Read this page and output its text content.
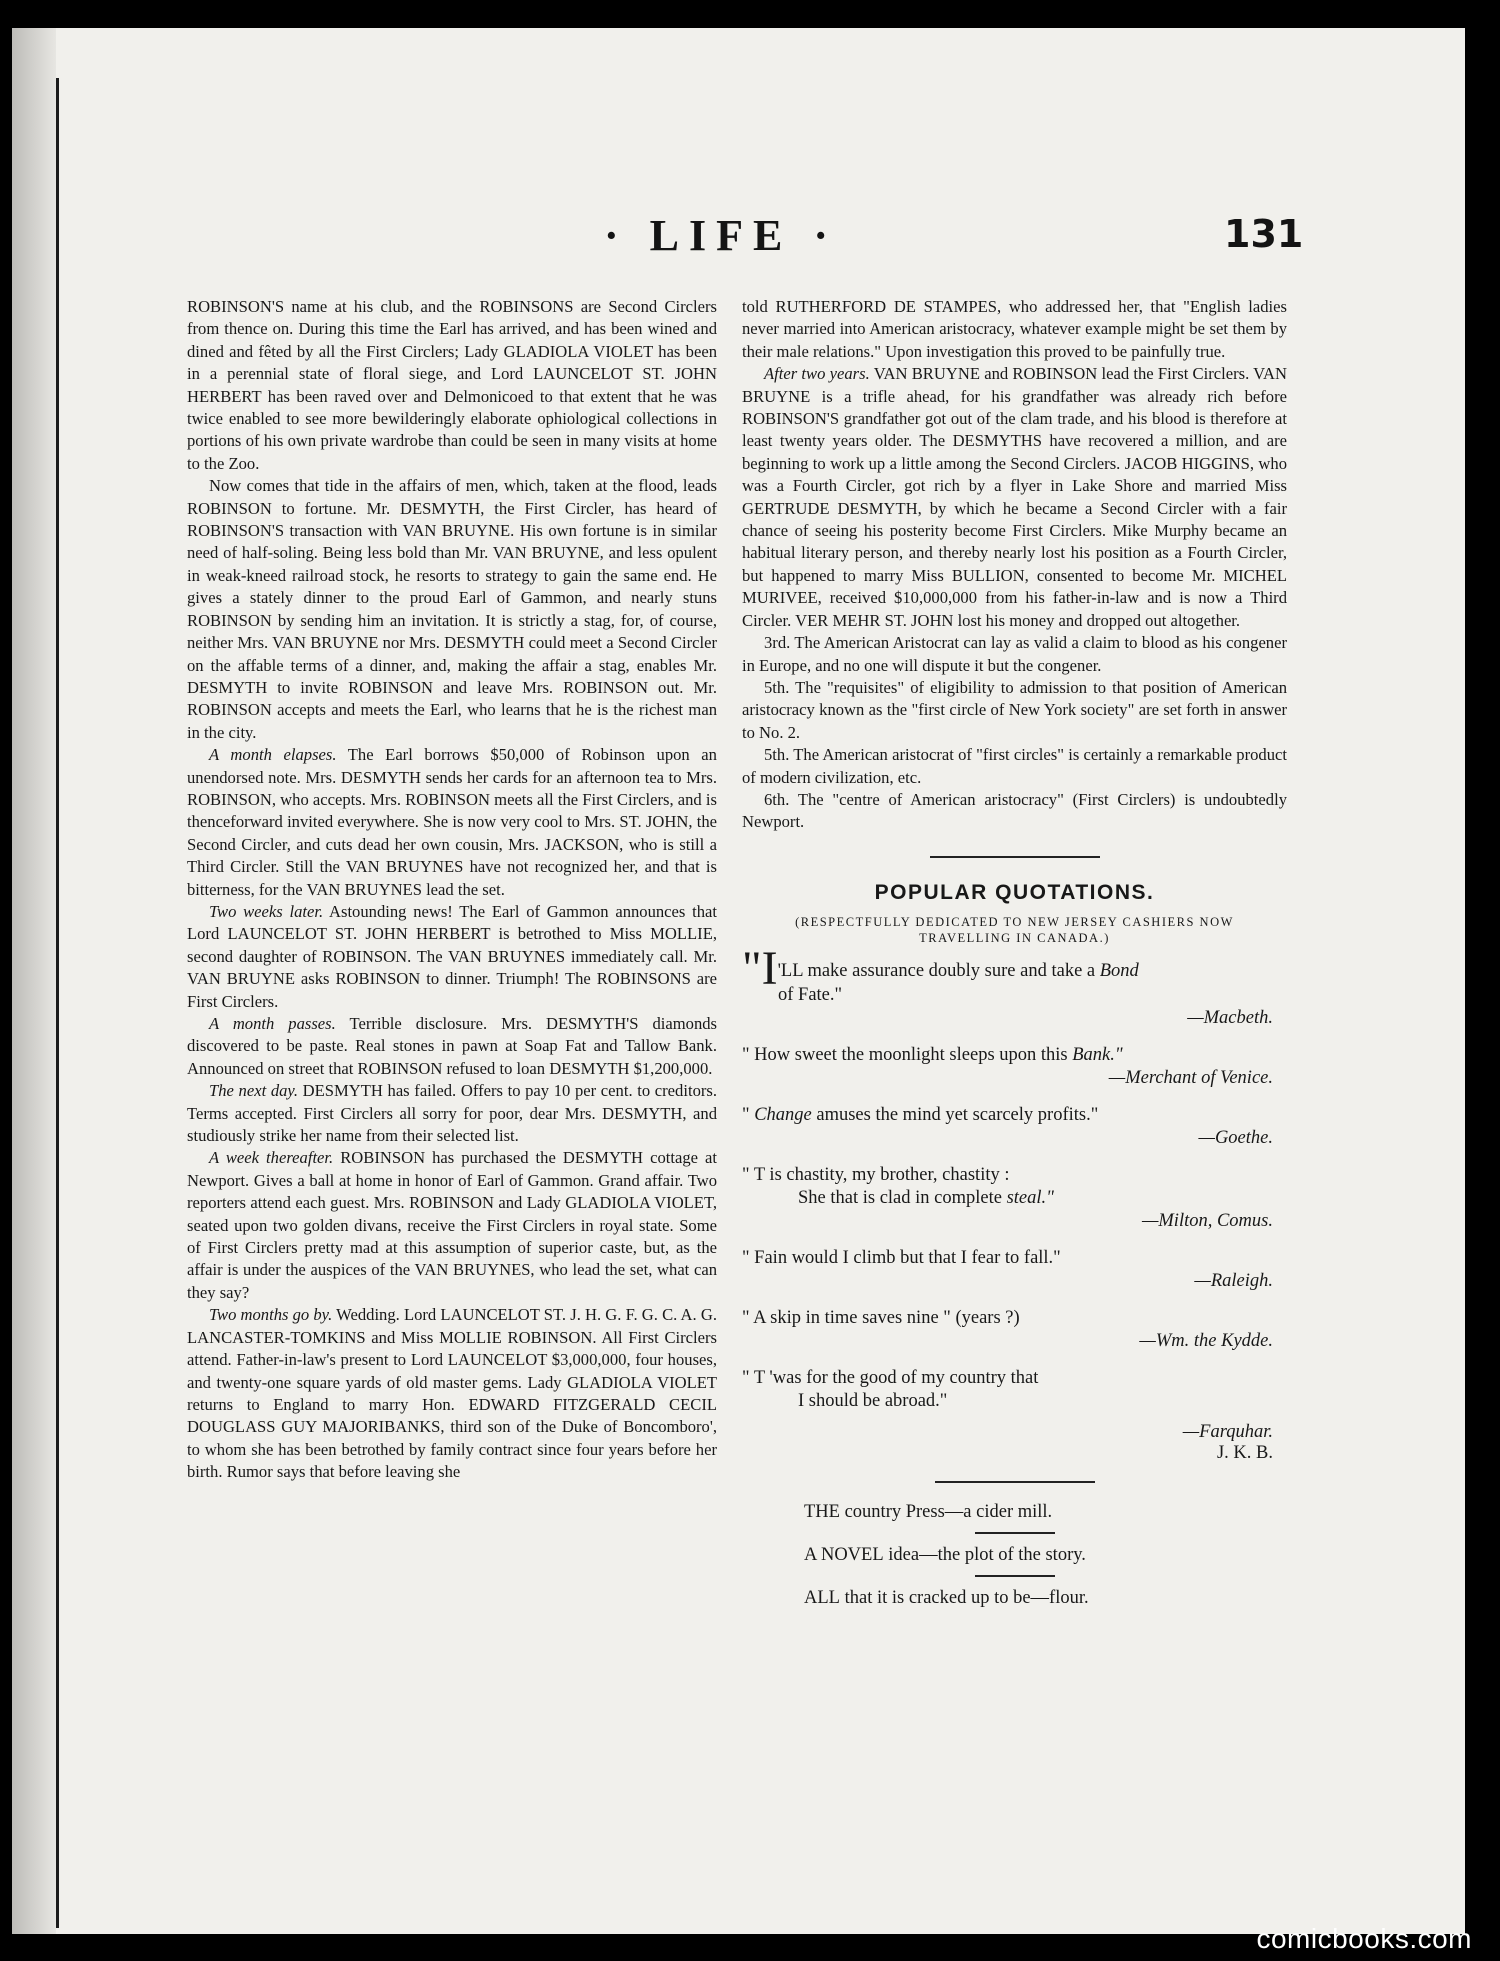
· LIFE ·	131

ROBINSON'S name at his club, and the ROBINSONS are Second Circlers from thence on. During this time the Earl has arrived, and has been wined and dined and fêted by all the First Circlers; Lady GLADIOLA VIOLET has been in a perennial state of floral siege, and Lord LAUNCELOT ST. JOHN HERBERT has been raved over and Delmonicoed to that extent that he was twice enabled to see more bewilderingly elaborate ophiological collections in portions of his own private wardrobe than could be seen in many visits at home to the Zoo.

Now comes that tide in the affairs of men, which, taken at the flood, leads ROBINSON to fortune. Mr. DESMYTH, the First Circler, has heard of ROBINSON'S transaction with VAN BRUYNE. His own fortune is in similar need of half-soling. Being less bold than Mr. VAN BRUYNE, and less opulent in weak-kneed railroad stock, he resorts to strategy to gain the same end. He gives a stately dinner to the proud Earl of Gammon, and nearly stuns ROBINSON by sending him an invitation. It is strictly a stag, for, of course, neither Mrs. VAN BRUYNE nor Mrs. DESMYTH could meet a Second Circler on the affable terms of a dinner, and, making the affair a stag, enables Mr. DESMYTH to invite ROBINSON and leave Mrs. ROBINSON out. Mr. ROBINSON accepts and meets the Earl, who learns that he is the richest man in the city.

A month elapses. The Earl borrows $50,000 of Robinson upon an unendorsed note. Mrs. DESMYTH sends her cards for an afternoon tea to Mrs. ROBINSON, who accepts. Mrs. ROBINSON meets all the First Circlers, and is thenceforward invited everywhere. She is now very cool to Mrs. ST. JOHN, the Second Circler, and cuts dead her own cousin, Mrs. JACKSON, who is still a Third Circler. Still the VAN BRUYNES have not recognized her, and that is bitterness, for the VAN BRUYNES lead the set.

Two weeks later. Astounding news! The Earl of Gammon announces that Lord LAUNCELOT ST. JOHN HERBERT is betrothed to Miss MOLLIE, second daughter of ROBINSON. The VAN BRUYNES immediately call. Mr. VAN BRUYNE asks ROBINSON to dinner. Triumph! The ROBINSONS are First Circlers.

A month passes. Terrible disclosure. Mrs. DESMYTH'S diamonds discovered to be paste. Real stones in pawn at Soap Fat and Tallow Bank. Announced on street that ROBINSON refused to loan DESMYTH $1,200,000.

The next day. DESMYTH has failed. Offers to pay 10 per cent. to creditors. Terms accepted. First Circlers all sorry for poor, dear Mrs. DESMYTH, and studiously strike her name from their selected list.

A week thereafter. ROBINSON has purchased the DESMYTH cottage at Newport. Gives a ball at home in honor of Earl of Gammon. Grand affair. Two reporters attend each guest. Mrs. ROBINSON and Lady GLADIOLA VIOLET, seated upon two golden divans, receive the First Circlers in royal state. Some of First Circlers pretty mad at this assumption of superior caste, but, as the affair is under the auspices of the VAN BRUYNES, who lead the set, what can they say?

Two months go by. Wedding. Lord LAUNCELOT ST. J. H. G. F. G. C. A. G. LANCASTER-TOMKINS and Miss MOLLIE ROBINSON. All First Circlers attend. Father-in-law's present to Lord LAUNCELOT $3,000,000, four houses, and twenty-one square yards of old master gems. Lady GLADIOLA VIOLET returns to England to marry Hon. EDWARD FITZGERALD CECIL DOUGLASS GUY MAJORIBANKS, third son of the Duke of Boncomboro', to whom she has been betrothed by family contract since four years before her birth. Rumor says that before leaving she

told RUTHERFORD DE STAMPES, who addressed her, that "English ladies never married into American aristocracy, whatever example might be set them by their male relations." Upon investigation this proved to be painfully true.

After two years. VAN BRUYNE and ROBINSON lead the First Circlers. VAN BRUYNE is a trifle ahead, for his grandfather was already rich before ROBINSON'S grandfather got out of the clam trade, and his blood is therefore at least twenty years older. The DESMYTHS have recovered a million, and are beginning to work up a little among the Second Circlers. JACOB HIGGINS, who was a Fourth Circler, got rich by a flyer in Lake Shore and married Miss GERTRUDE DESMYTH, by which he became a Second Circler with a fair chance of seeing his posterity become First Circlers. Mike Murphy became an habitual literary person, and thereby nearly lost his position as a Fourth Circler, but happened to marry Miss BULLION, consented to become Mr. MICHEL MURIVEE, received $10,000,000 from his father-in-law and is now a Third Circler. VER MEHR ST. JOHN lost his money and dropped out altogether.

3rd. The American Aristocrat can lay as valid a claim to blood as his congener in Europe, and no one will dispute it but the congener.

5th. The "requisites" of eligibility to admission to that position of American aristocracy known as the "first circle of New York society" are set forth in answer to No. 2.

5th. The American aristocrat of "first circles" is certainly a remarkable product of modern civilization, etc.

6th. The "centre of American aristocracy" (First Circlers) is undoubtedly Newport.

POPULAR QUOTATIONS.
(RESPECTFULLY DEDICATED TO NEW JERSEY CASHIERS NOW TRAVELLING IN CANADA.)
"I'LL make assurance doubly sure and take a Bond
of Fate."
—Macbeth.
" How sweet the moonlight sleeps upon this Bank."
—Merchant of Venice.
" Change amuses the mind yet scarcely profits."
—Goethe.
" T is chastity, my brother, chastity :
She that is clad in complete steal."
—Milton, Comus.
" Fain would I climb but that I fear to fall."
—Raleigh.
" A skip in time saves nine " (years ?)
—Wm. the Kydde.
" T 'was for the good of my country that
I should be abroad."
—Farquhar.
J. K. B.

THE country Press—a cider mill.

A NOVEL idea—the plot of the story.

ALL that it is cracked up to be—flour.

comicbooks.com
